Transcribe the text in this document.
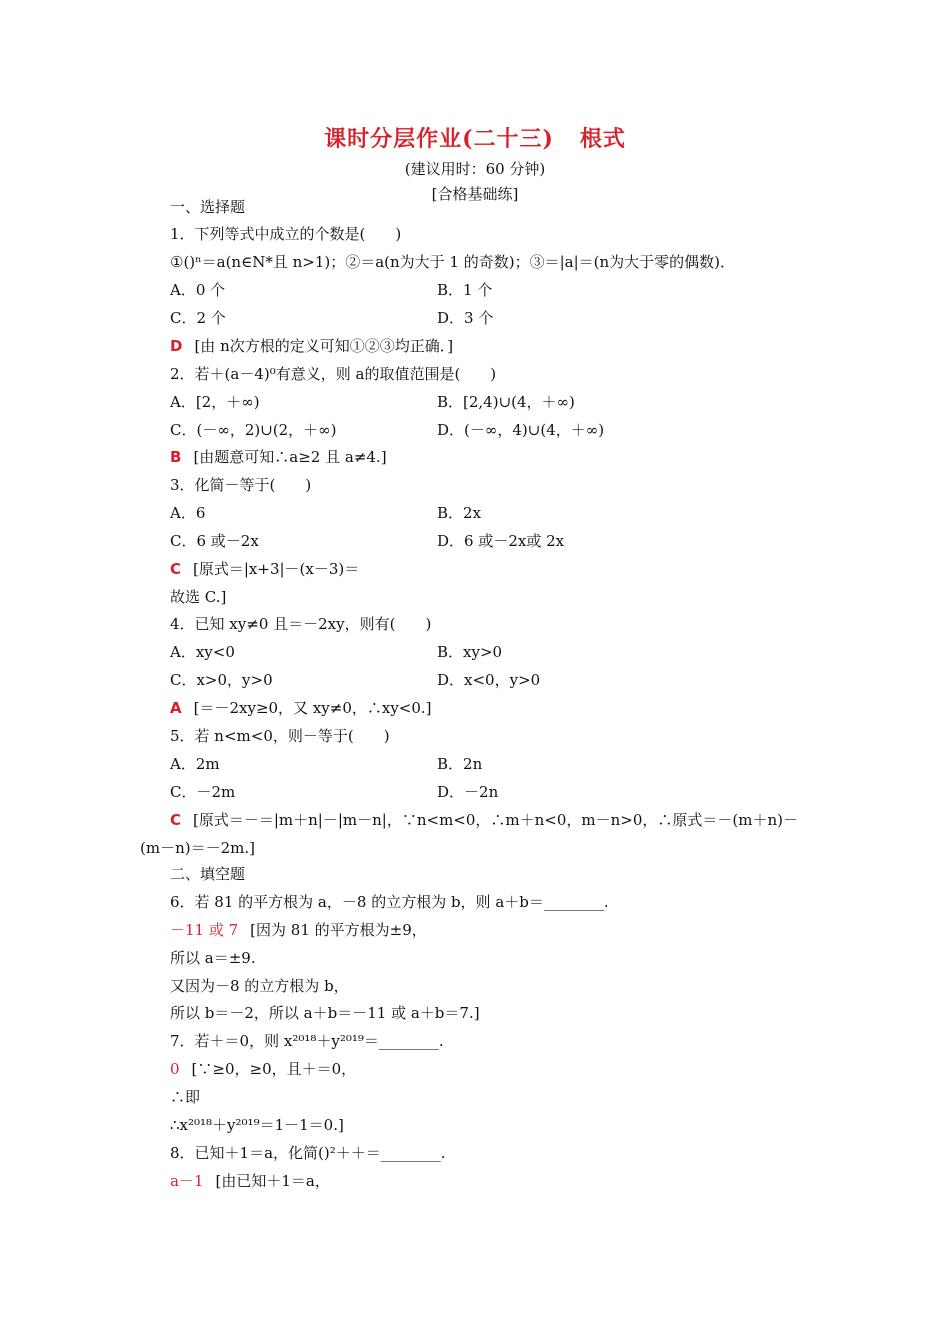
课时分层作业(二十三) 根式
(建议用时：60 分钟)
[合格基础练]
一、选择题
1．下列等式中成立的个数是(　　)
①()ⁿ＝a(n∈N*且 n>1)；②＝a(n为大于 1 的奇数)；③＝|a|＝(n为大于零的偶数)．
A．0 个	B．1 个
C．2 个	D．3 个
D [由 n次方根的定义可知①②③均正确．]
2．若＋(a－4)⁰有意义，则 a的取值范围是(　　)
A．[2，＋∞)	B．[2,4)∪(4，＋∞)
C．(－∞，2)∪(2，＋∞)	D．(－∞，4)∪(4，＋∞)
B [由题意可知∴a≥2 且 a≠4.]
3．化简－等于(　　)
A．6	B．2x
C．6 或－2x	D．6 或－2x或 2x
C [原式＝|x+3|－(x－3)＝
故选 C.]
4．已知 xy≠0 且＝－2xy，则有(　　)
A．xy<0	B．xy>0
C．x>0，y>0	D．x<0，y>0
A [＝－2xy≥0，又 xy≠0，∴xy<0.]
5．若 n<m<0，则－等于(　　)
A．2m	B．2n
C．－2m	D．－2n
C [原式＝－＝|m＋n|－|m－n|，∵n<m<0，∴m＋n<0，m－n>0，∴原式＝－(m＋n)－
(m－n)＝－2m.]
二、填空题
6．若 81 的平方根为 a，－8 的立方根为 b，则 a＋b＝________.
－11 或 7 [因为 81 的平方根为±9，
所以 a＝±9.
又因为－8 的立方根为 b，
所以 b＝－2，所以 a＋b＝－11 或 a＋b＝7.]
7．若＋＝0，则 x²⁰¹⁸＋y²⁰¹⁹＝________.
0 [∵≥0，≥0，且＋＝0，
∴即
∴x²⁰¹⁸＋y²⁰¹⁹＝1－1＝0.]
8．已知＋1＝a，化简()²＋＋＝________.
a－1 [由已知＋1＝a，
